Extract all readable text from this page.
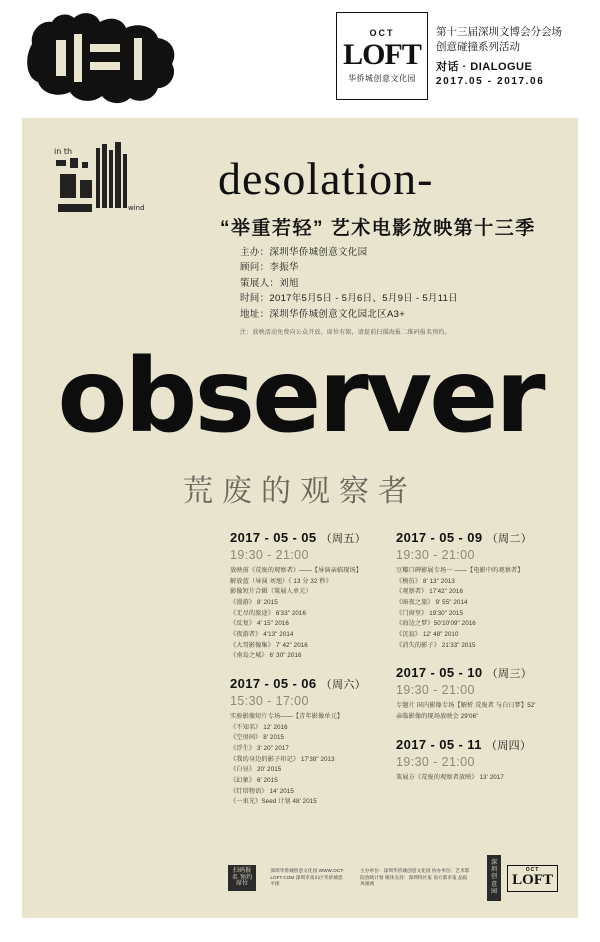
OCT
LOFT
华侨城创意文化园
第十三届深圳文博会分会场
创意碰撞系列活动
对话 · DIALOGUE
2017.05 - 2017.06
in th
wind
desolation-
“举重若轻” 艺术电影放映第十三季
主办：深圳华侨城创意文化园
顾问：李振华
策展人：刘旭
时间：2017年5月5日 - 5月6日、5月9日 - 5月11日
地址：深圳华侨城创意文化园北区A3+
注：放映活动免费向公众开放，席位有限，请提前扫描海报二维码报名预约。
observer
荒废的观察者
2017 - 05 - 05 （周五）
19:30 - 21:00
放映前《荒废的观察者》——【导演亲临现场】
解放蓝（导演 刘旭）《 13 分 32 秒》
影像短片合辑（策展人单元）
《漫游》 8' 2015
《无尽的旅途》 6'33" 2016
《反复》 4' 15" 2016
《夜游者》 4'13" 2014
《大哥影像集》 7' 42" 2016
《南岛之城》 6' 30" 2016
2017 - 05 - 06 （周六）
15:30 - 17:00
实验影像短片专场——【青年影像单元】
《不知名》 12' 2016
《空房间》 8' 2015
《浮生》 3' 20" 2017
《我的身边的影子印记》 17'38" 2013
《白昼》 20' 2015
《幻象》 6' 2015
《灯塔物语》 14' 2015
《一束光》Seed 计划 48' 2015
2017 - 05 - 09 （周二）
19:30 - 21:00
豆瓣口碑影展专场一 ——【电影中的观察者】
《模仿》 8' 13" 2013
《观察者》 17'42" 2016
《暗夜之旅》 9' 55" 2014
《门窗里》 19'30" 2015
《海边之梦》50'10'09" 2016
《沉寂》 12' 48" 2010
《消失的影子》 21'33" 2015
2017 - 05 - 10 （周三）
19:30 - 21:00
专题片 国内影像专场【解析 荒废者 与白日梦】52'
亲临影像的现场放映会 29'06"
2017 - 05 - 11 （周四）
19:30 - 21:00
策展方《荒废的观察者放映》 13' 2017
扫码报名 预约席位
深圳华侨城创意文化园 WWW.OCT-LOFT.COM 深圳市南山区华侨城恩平街
主办单位：深圳华侨城创意文化园 协办单位：艺术影院放映计划 媒体支持：深圳特区报 南方都市报 晶报 凤凰网
深圳创意园
OCT
LOFT
